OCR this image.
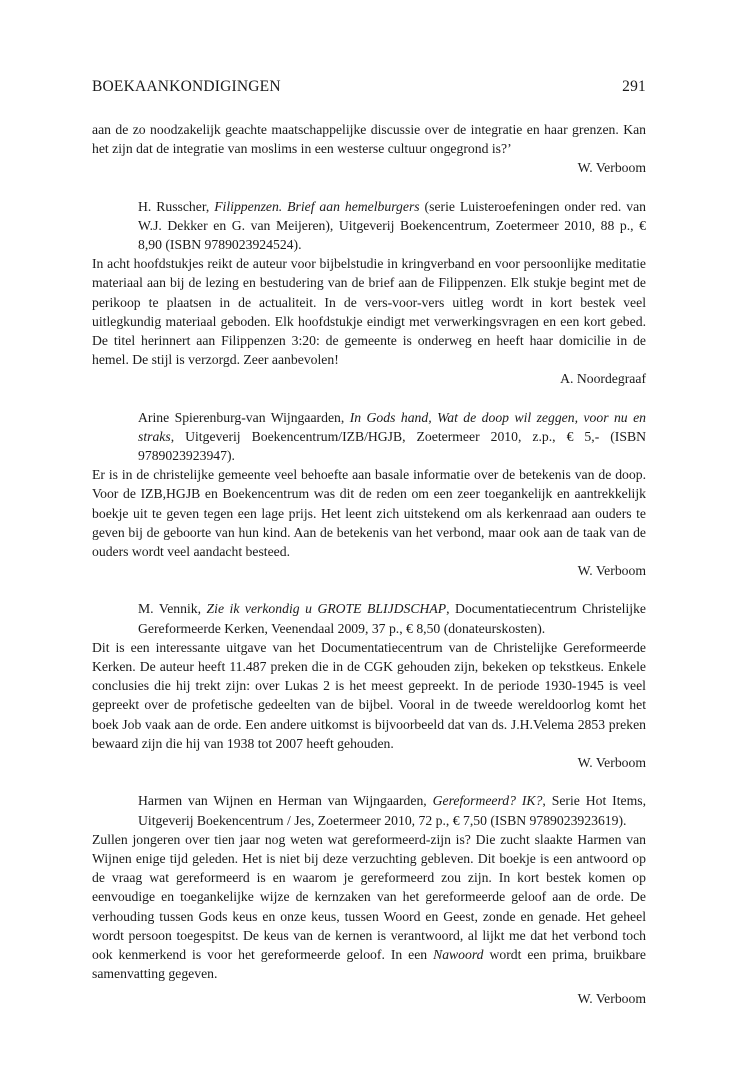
BOEKAANKONDIGINGEN	291

aan de zo noodzakelijk geachte maatschappelijke discussie over de integratie en haar grenzen. Kan het zijn dat de integratie van moslims in een westerse cultuur ongegrond is?’

W. Verboom

H. Russcher, Filippenzen. Brief aan hemelburgers (serie Luisteroefeningen onder red. van W.J. Dekker en G. van Meijeren), Uitgeverij Boekencentrum, Zoetermeer 2010, 88 p., € 8,90 (ISBN 9789023924524).

In acht hoofdstukjes reikt de auteur voor bijbelstudie in kringverband en voor persoonlijke meditatie materiaal aan bij de lezing en bestudering van de brief aan de Filippenzen. Elk stukje begint met de perikoop te plaatsen in de actualiteit. In de vers-voor-vers uitleg wordt in kort bestek veel uitlegkundig materiaal geboden. Elk hoofdstukje eindigt met verwerkingsvragen en een kort gebed. De titel herinnert aan Filippenzen 3:20: de gemeente is onderweg en heeft haar domicilie in de hemel. De stijl is verzorgd. Zeer aanbevolen!

A. Noordegraaf

Arine Spierenburg-van Wijngaarden, In Gods hand, Wat de doop wil zeggen, voor nu en straks, Uitgeverij Boekencentrum/IZB/HGJB, Zoetermeer 2010, z.p., € 5,- (ISBN 9789023923947).

Er is in de christelijke gemeente veel behoefte aan basale informatie over de betekenis van de doop. Voor de IZB,HGJB en Boekencentrum was dit de reden om een zeer toegankelijk en aantrekkelijk boekje uit te geven tegen een lage prijs. Het leent zich uitstekend om als kerkenraad aan ouders te geven bij de geboorte van hun kind. Aan de betekenis van het verbond, maar ook aan de taak van de ouders wordt veel aandacht besteed.

W. Verboom

M. Vennik, Zie ik verkondig u GROTE BLIJDSCHAP, Documentatiecentrum Christelijke Gereformeerde Kerken, Veenendaal 2009, 37 p., € 8,50 (donateurskosten).

Dit is een interessante uitgave van het Documentatiecentrum van de Christelijke Gereformeerde Kerken. De auteur heeft 11.487 preken die in de CGK gehouden zijn, bekeken op tekstkeus. Enkele conclusies die hij trekt zijn: over Lukas 2 is het meest gepreekt. In de periode 1930-1945 is veel gepreekt over de profetische gedeelten van de bijbel. Vooral in de tweede wereldoorlog komt het boek Job vaak aan de orde. Een andere uitkomst is bijvoorbeeld dat van ds. J.H.Velema 2853 preken bewaard zijn die hij van 1938 tot 2007 heeft gehouden.

W. Verboom

Harmen van Wijnen en Herman van Wijngaarden, Gereformeerd? IK?, Serie Hot Items, Uitgeverij Boekencentrum / Jes, Zoetermeer 2010, 72 p., € 7,50 (ISBN 9789023923619).

Zullen jongeren over tien jaar nog weten wat gereformeerd-zijn is? Die zucht slaakte Harmen van Wijnen enige tijd geleden. Het is niet bij deze verzuchting gebleven. Dit boekje is een antwoord op de vraag wat gereformeerd is en waarom je gereformeerd zou zijn. In kort bestek komen op eenvoudige en toegankelijke wijze de kernzaken van het gereformeerde geloof aan de orde. De verhouding tussen Gods keus en onze keus, tussen Woord en Geest, zonde en genade. Het geheel wordt persoon toegespitst. De keus van de kernen is verantwoord, al lijkt me dat het verbond toch ook kenmerkend is voor het gereformeerde geloof. In een Nawoord wordt een prima, bruikbare samenvatting gegeven.

W. Verboom
